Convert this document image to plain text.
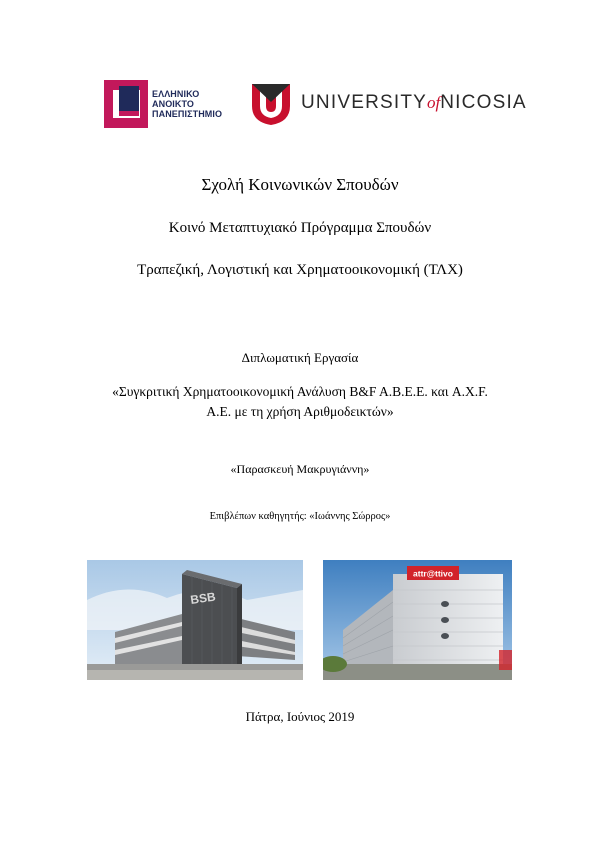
ΕΛΛΗΝΙΚΟ
ΑΝΟΙΚΤΟ
ΠΑΝΕΠΙΣΤΗΜΙΟ
UNIVERSITYofNICOSIA
Σχολή Κοινωνικών Σπουδών
Κοινό Μεταπτυχιακό Πρόγραμμα Σπουδών
Τραπεζική, Λογιστική και Χρηματοοικονομική (ΤΛΧ)
Διπλωματική Εργασία
«Συγκριτική Χρηματοοικονομική Ανάλυση B&F A.B.E.E. και A.X.F.
A.E. με τη χρήση Αριθμοδεικτών»
«Παρασκευή Μακρυγιάννη»
Επιβλέπων καθηγητής: «Ιωάννης Σώρρος»
BSB
attr@ttivo
Πάτρα, Ιούνιος 2019
